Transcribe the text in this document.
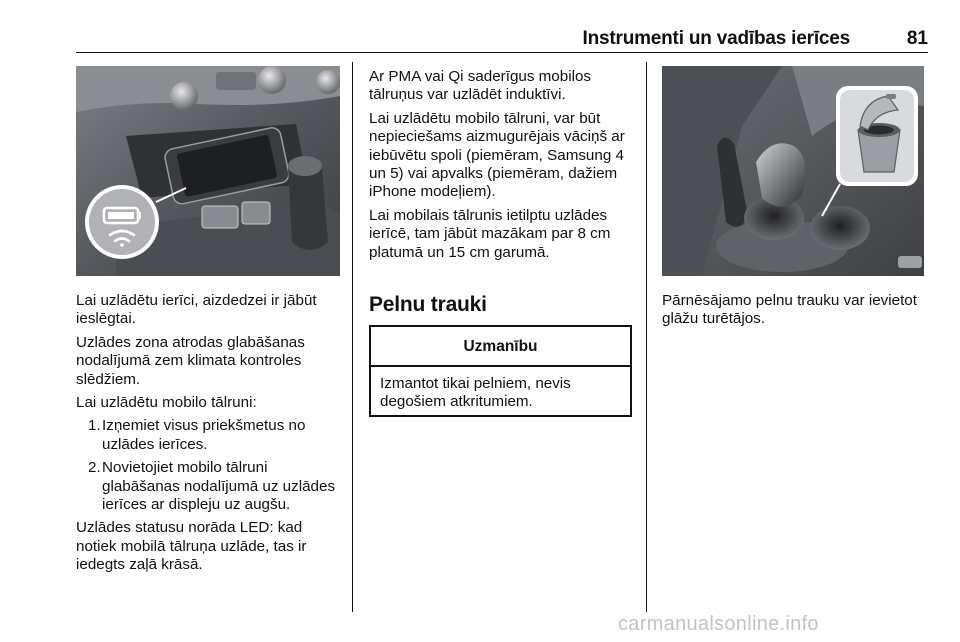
Instrumenti un vadības ierīces	81

Lai uzlādētu ierīci, aizdedzei ir jābūt ieslēgtai.

Uzlādes zona atrodas glabāšanas nodalījumā zem klimata kontroles slēdžiem.

Lai uzlādētu mobilo tālruni:

1. Izņemiet visus priekšmetus no uzlādes ierīces.
2. Novietojiet mobilo tālruni glabāšanas nodalījumā uz uzlādes ierīces ar displeju uz augšu.

Uzlādes statusu norāda LED: kad notiek mobilā tālruņa uzlāde, tas ir iedegts zaļā krāsā.

Ar PMA vai Qi saderīgus mobilos tālruņus var uzlādēt induktīvi.

Lai uzlādētu mobilo tālruni, var būt nepieciešams aizmugurējais vāciņš ar iebūvētu spoli (piemēram, Samsung 4 un 5) vai apvalks (piemēram, dažiem iPhone modeļiem).

Lai mobilais tālrunis ietilptu uzlādes ierīcē, tam jābūt mazākam par 8 cm platumā un 15 cm garumā.

Pelnu trauki
Uzmanību
Izmantot tikai pelniem, nevis degošiem atkritumiem.

Pārnēsājamo pelnu trauku var ievietot glāžu turētājos.

carmanualsonline.info
